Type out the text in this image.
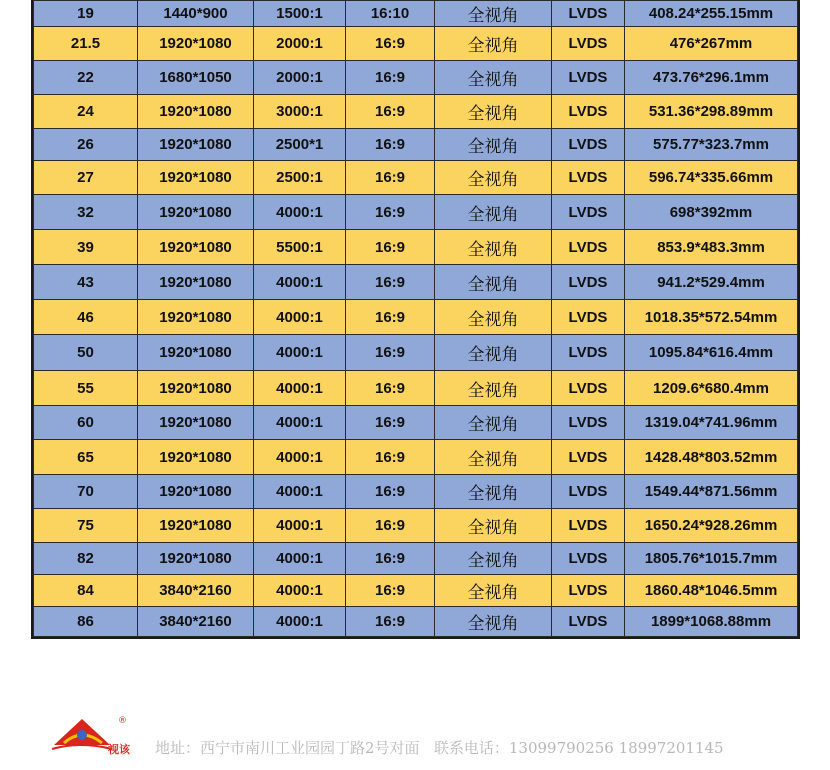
19	1440*900	1500:1	16:10	全视角	LVDS	408.24*255.15mm
21.5	1920*1080	2000:1	16:9	全视角	LVDS	476*267mm
22	1680*1050	2000:1	16:9	全视角	LVDS	473.76*296.1mm
24	1920*1080	3000:1	16:9	全视角	LVDS	531.36*298.89mm
26	1920*1080	2500*1	16:9	全视角	LVDS	575.77*323.7mm
27	1920*1080	2500:1	16:9	全视角	LVDS	596.74*335.66mm
32	1920*1080	4000:1	16:9	全视角	LVDS	698*392mm
39	1920*1080	5500:1	16:9	全视角	LVDS	853.9*483.3mm
43	1920*1080	4000:1	16:9	全视角	LVDS	941.2*529.4mm
46	1920*1080	4000:1	16:9	全视角	LVDS	1018.35*572.54mm
50	1920*1080	4000:1	16:9	全视角	LVDS	1095.84*616.4mm
55	1920*1080	4000:1	16:9	全视角	LVDS	1209.6*680.4mm
60	1920*1080	4000:1	16:9	全视角	LVDS	1319.04*741.96mm
65	1920*1080	4000:1	16:9	全视角	LVDS	1428.48*803.52mm
70	1920*1080	4000:1	16:9	全视角	LVDS	1549.44*871.56mm
75	1920*1080	4000:1	16:9	全视角	LVDS	1650.24*928.26mm
82	1920*1080	4000:1	16:9	全视角	LVDS	1805.76*1015.7mm
84	3840*2160	4000:1	16:9	全视角	LVDS	1860.48*1046.5mm
86	3840*2160	4000:1	16:9	全视角	LVDS	1899*1068.88mm
视该
®
地址：西宁市南川工业园园丁路2号对面 联系电话：13099790256 18997201145
